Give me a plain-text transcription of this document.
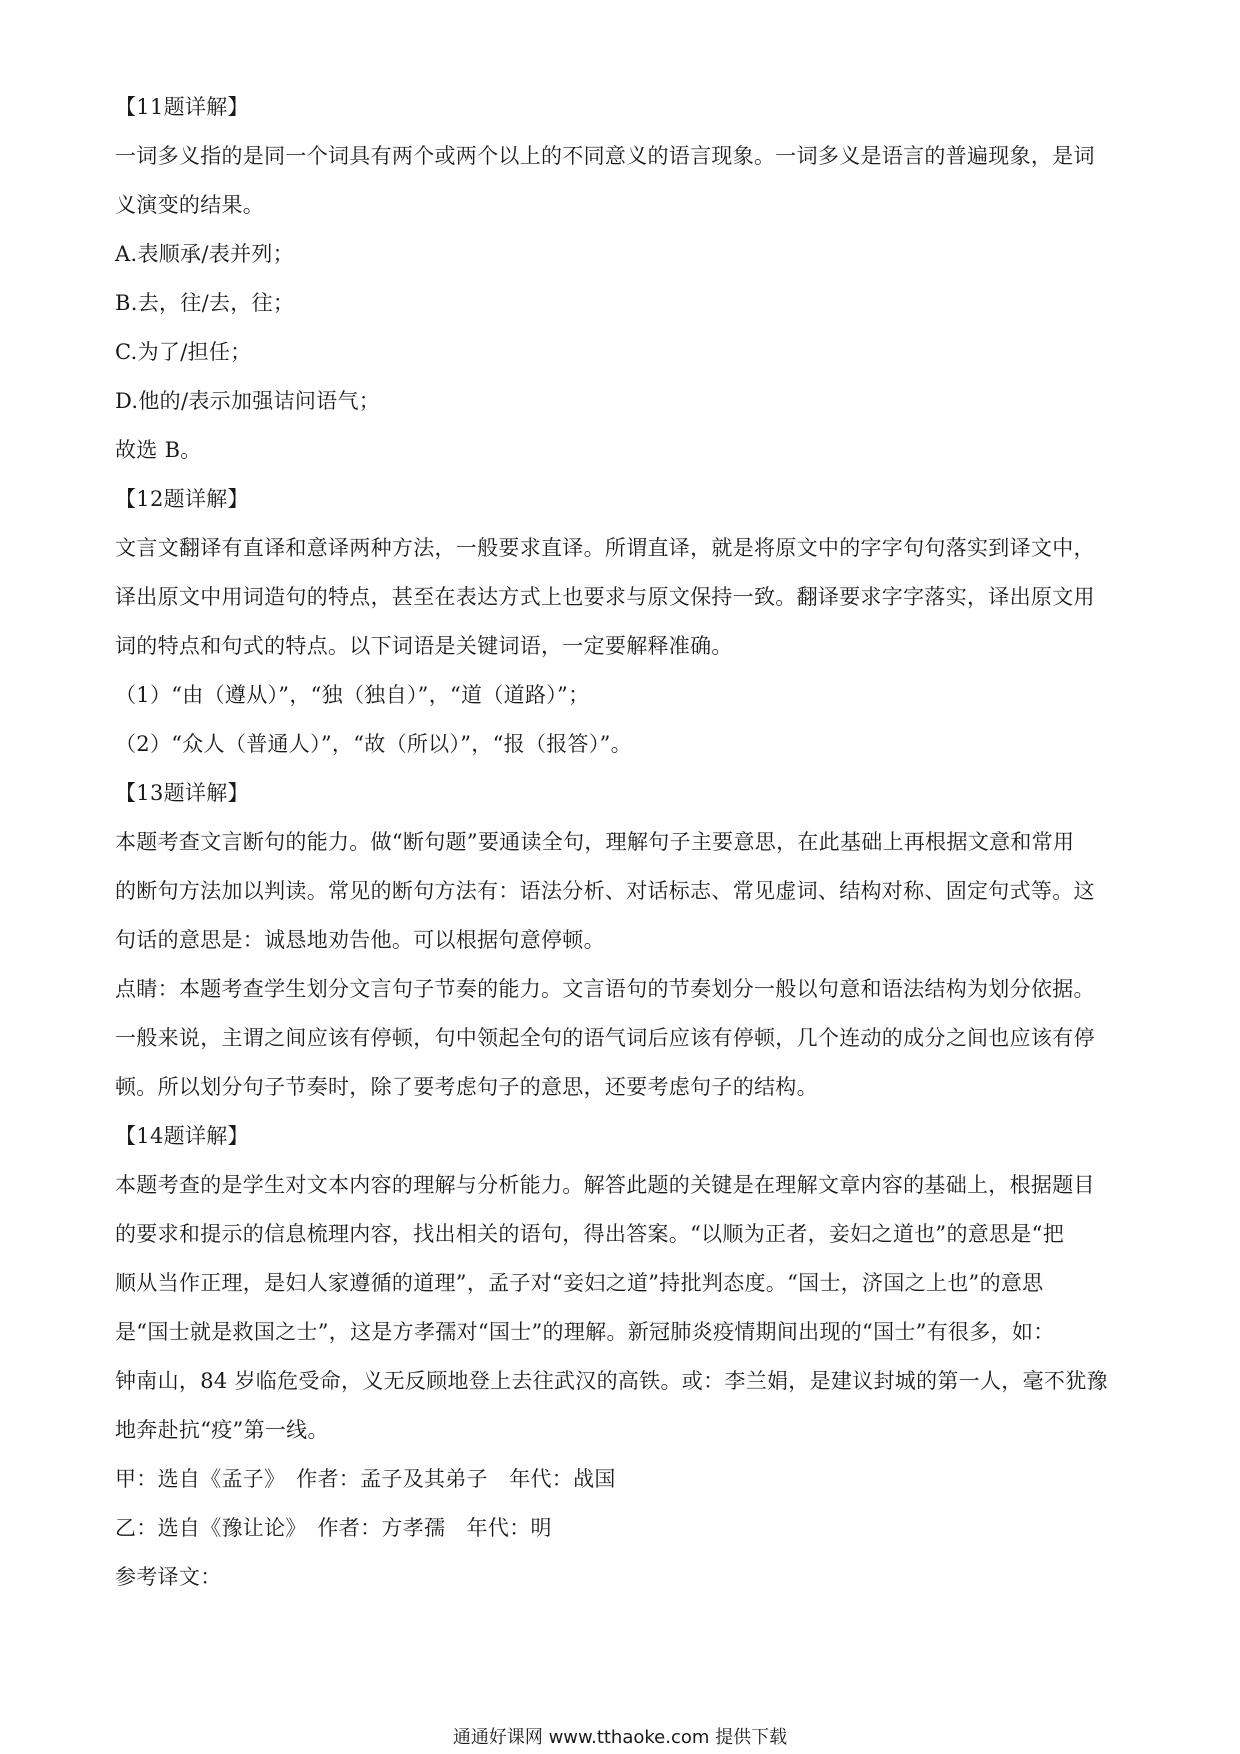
【11题详解】
一词多义指的是同一个词具有两个或两个以上的不同意义的语言现象。一词多义是语言的普遍现象，是词
义演变的结果。
A.表顺承/表并列；
B.去，往/去，往；
C.为了/担任；
D.他的/表示加强诘问语气；
故选 B。
【12题详解】
文言文翻译有直译和意译两种方法，一般要求直译。所谓直译，就是将原文中的字字句句落实到译文中，
译出原文中用词造句的特点，甚至在表达方式上也要求与原文保持一致。翻译要求字字落实，译出原文用
词的特点和句式的特点。以下词语是关键词语，一定要解释准确。
（1）“由（遵从）”，“独（独自）”，“道（道路）”；
（2）“众人（普通人）”，“故（所以）”，“报（报答）”。
【13题详解】
本题考查文言断句的能力。做“断句题”要通读全句，理解句子主要意思，在此基础上再根据文意和常用
的断句方法加以判读。常见的断句方法有：语法分析、对话标志、常见虚词、结构对称、固定句式等。这
句话的意思是：诚恳地劝告他。可以根据句意停顿。
点睛：本题考查学生划分文言句子节奏的能力。文言语句的节奏划分一般以句意和语法结构为划分依据。
一般来说，主谓之间应该有停顿，句中领起全句的语气词后应该有停顿，几个连动的成分之间也应该有停
顿。所以划分句子节奏时，除了要考虑句子的意思，还要考虑句子的结构。
【14题详解】
本题考查的是学生对文本内容的理解与分析能力。解答此题的关键是在理解文章内容的基础上，根据题目
的要求和提示的信息梳理内容，找出相关的语句，得出答案。“以顺为正者，妾妇之道也”的意思是“把
顺从当作正理，是妇人家遵循的道理”，孟子对“妾妇之道”持批判态度。“国士，济国之上也”的意思
是“国士就是救国之士”，这是方孝孺对“国士”的理解。新冠肺炎疫情期间出现的“国士”有很多，如：
钟南山，84 岁临危受命，义无反顾地登上去往武汉的高铁。或：李兰娟，是建议封城的第一人，毫不犹豫
地奔赴抗“疫”第一线。
甲：选自《孟子》　作者：孟子及其弟子　年代：战国
乙：选自《豫让论》　作者：方孝孺　年代：明
参考译文：
通通好课网 www.tthaoke.com 提供下载
